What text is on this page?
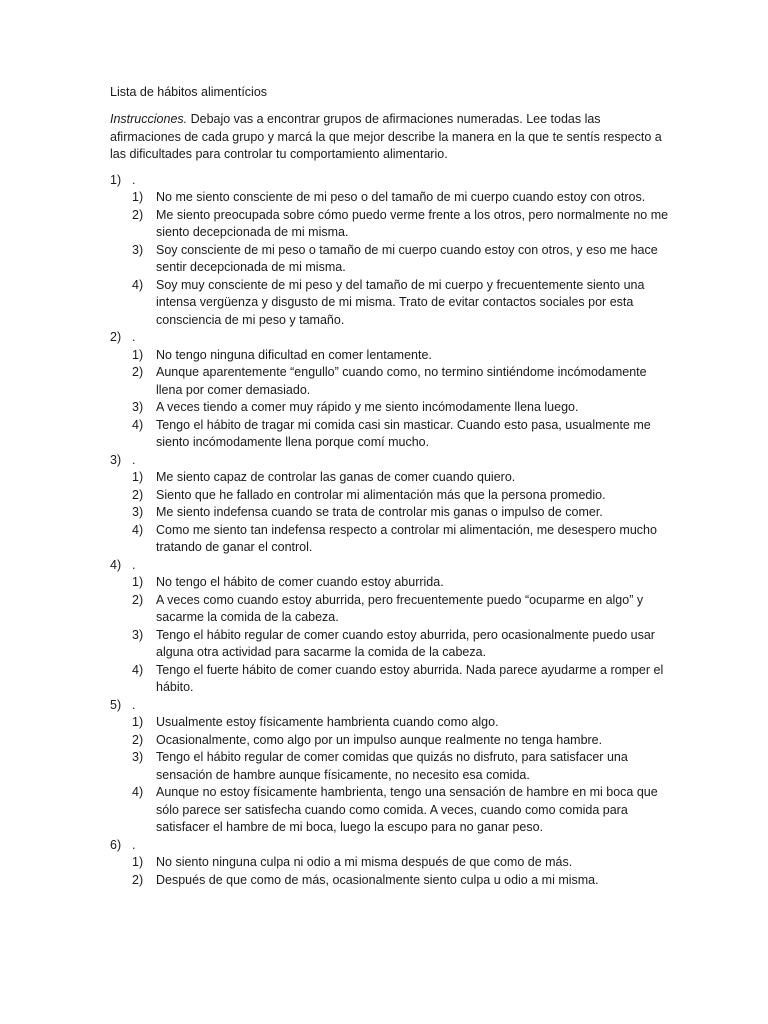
Lista de hábitos alimentícios

Instrucciones. Debajo vas a encontrar grupos de afirmaciones numeradas. Lee todas las afirmaciones de cada grupo y marcá la que mejor describe la manera en la que te sentís respecto a las dificultades para controlar tu comportamiento alimentario.

1) .
1)	No me siento consciente de mi peso o del tamaño de mi cuerpo cuando estoy con otros.
2)	Me siento preocupada sobre cómo puedo verme frente a los otros, pero normalmente no me siento decepcionada de mi misma.
3)	Soy consciente de mi peso o tamaño de mi cuerpo cuando estoy con otros, y eso me hace sentir decepcionada de mi misma.
4)	Soy muy consciente de mi peso y del tamaño de mi cuerpo y frecuentemente siento una intensa vergüenza y disgusto de mi misma. Trato de evitar contactos sociales por esta consciencia de mi peso y tamaño.
2) .
1)	No tengo ninguna dificultad en comer lentamente.
2)	Aunque aparentemente “engullo” cuando como, no termino sintiéndome incómodamente llena por comer demasiado.
3)	A veces tiendo a comer muy rápido y me siento incómodamente llena luego.
4)	Tengo el hábito de tragar mi comida casi sin masticar. Cuando esto pasa, usualmente me siento incómodamente llena porque comí mucho.
3) .
1)	Me siento capaz de controlar las ganas de comer cuando quiero.
2)	Siento que he fallado en controlar mi alimentación más que la persona promedio.
3)	Me siento indefensa cuando se trata de controlar mis ganas o impulso de comer.
4)	Como me siento tan indefensa respecto a controlar mi alimentación, me desespero mucho tratando de ganar el control.
4) .
1)	No tengo el hábito de comer cuando estoy aburrida.
2)	A veces como cuando estoy aburrida, pero frecuentemente puedo “ocuparme en algo” y sacarme la comida de la cabeza.
3)	Tengo el hábito regular de comer cuando estoy aburrida, pero ocasionalmente puedo usar alguna otra actividad para sacarme la comida de la cabeza.
4)	Tengo el fuerte hábito de comer cuando estoy aburrida. Nada parece ayudarme a romper el hábito.
5) .
1)	Usualmente estoy físicamente hambrienta cuando como algo.
2)	Ocasionalmente, como algo por un impulso aunque realmente no tenga hambre.
3)	Tengo el hábito regular de comer comidas que quizás no disfruto, para satisfacer una sensación de hambre aunque físicamente, no necesito esa comida.
4)	Aunque no estoy físicamente hambrienta, tengo una sensación de hambre en mi boca que sólo parece ser satisfecha cuando como comida. A veces, cuando como comida para satisfacer el hambre de mi boca, luego la escupo para no ganar peso.
6) .
1)	No siento ninguna culpa ni odio a mi misma después de que como de más.
2)	Después de que como de más, ocasionalmente siento culpa u odio a mi misma.
